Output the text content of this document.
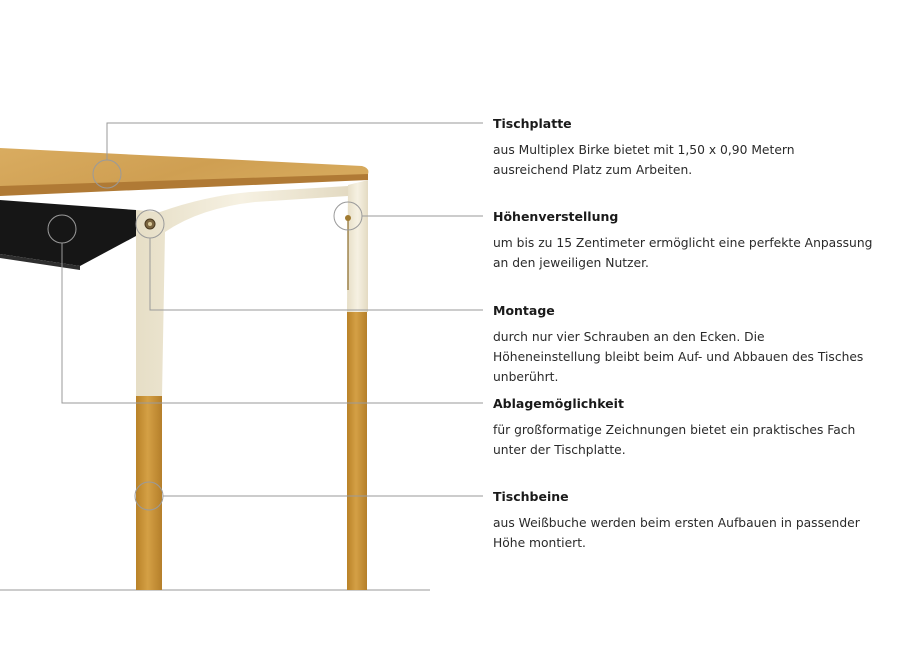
Tischplatte

aus Multiplex Birke bietet mit 1,50 x 0,90 Metern ausreichend Platz zum Arbeiten.

Höhenverstellung

um bis zu 15 Zentimeter ermöglicht eine perfekte Anpassung an den jeweiligen Nutzer.

Montage

durch nur vier Schrauben an den Ecken. Die Höheneinstellung bleibt beim Auf- und Abbauen des Tisches unberührt.

Ablagemöglichkeit

für großformatige Zeichnungen bietet ein praktisches Fach unter der Tischplatte.

Tischbeine

aus Weißbuche werden beim ersten Aufbauen in passender Höhe montiert.
